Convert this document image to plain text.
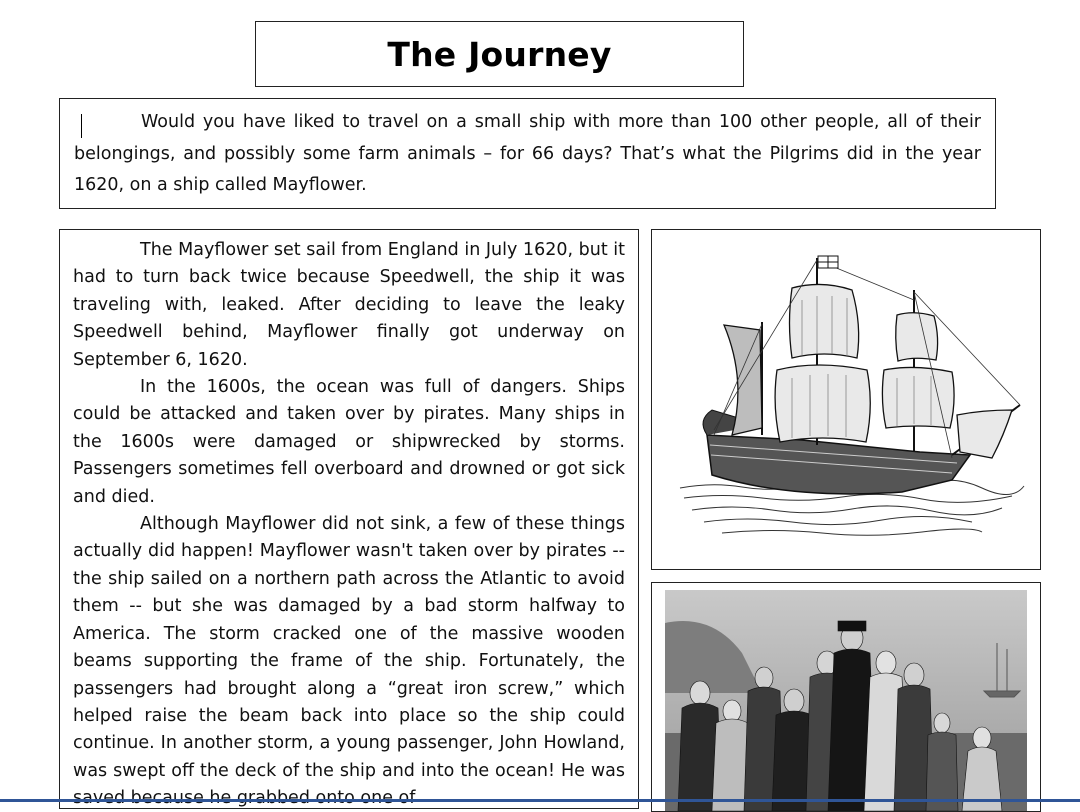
The Journey

Would you have liked to travel on a small ship with more than 100 other people, all of their belongings, and possibly some farm animals – for 66 days? That’s what the Pilgrims did in the year 1620, on a ship called Mayflower.

The Mayflower set sail from England in July 1620, but it had to turn back twice because Speedwell, the ship it was traveling with, leaked. After deciding to leave the leaky Speedwell behind, Mayflower finally got underway on September 6, 1620.

In the 1600s, the ocean was full of dangers. Ships could be attacked and taken over by pirates. Many ships in the 1600s were damaged or shipwrecked by storms. Passengers sometimes fell overboard and drowned or got sick and died.

Although Mayflower did not sink, a few of these things actually did happen! Mayflower wasn't taken over by pirates -- the ship sailed on a northern path across the Atlantic to avoid them -- but she was damaged by a bad storm halfway to America. The storm cracked one of the massive wooden beams supporting the frame of the ship. Fortunately, the passengers had brought along a “great iron screw,” which helped raise the beam back into place so the ship could continue. In another storm, a young passenger, John Howland, was swept off the deck of the ship and into the ocean! He was
